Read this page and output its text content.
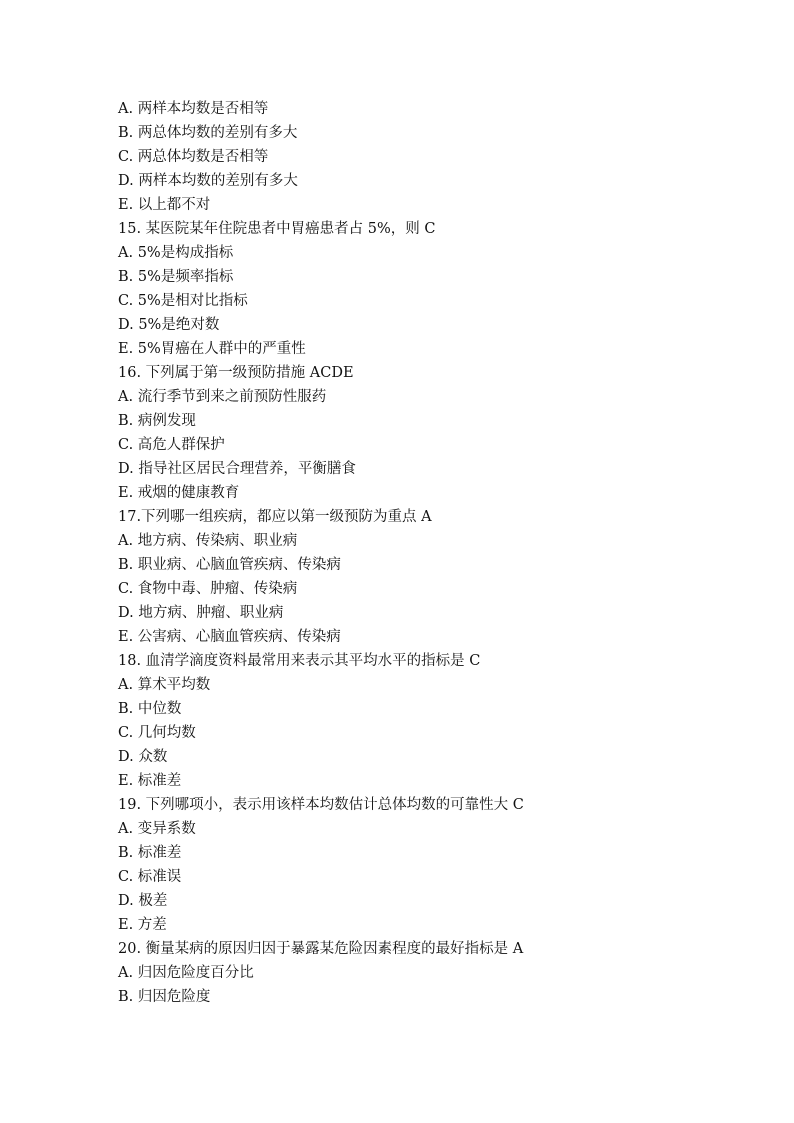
A. 两样本均数是否相等
B. 两总体均数的差别有多大
C. 两总体均数是否相等
D. 两样本均数的差别有多大
E. 以上都不对
15. 某医院某年住院患者中胃癌患者占 5%，则 C
A. 5%是构成指标
B. 5%是频率指标
C. 5%是相对比指标
D. 5%是绝对数
E. 5%胃癌在人群中的严重性
16. 下列属于第一级预防措施 ACDE
A. 流行季节到来之前预防性服药
B. 病例发现
C. 高危人群保护
D. 指导社区居民合理营养，平衡膳食
E. 戒烟的健康教育
17.下列哪一组疾病，都应以第一级预防为重点 A
A. 地方病、传染病、职业病
B. 职业病、心脑血管疾病、传染病
C. 食物中毒、肿瘤、传染病
D. 地方病、肿瘤、职业病
E. 公害病、心脑血管疾病、传染病
18. 血清学滴度资料最常用来表示其平均水平的指标是 C
A. 算术平均数
B. 中位数
C. 几何均数
D. 众数
E. 标准差
19. 下列哪项小，表示用该样本均数估计总体均数的可靠性大 C
A. 变异系数
B. 标准差
C. 标准误
D. 极差
E. 方差
20. 衡量某病的原因归因于暴露某危险因素程度的最好指标是 A
A. 归因危险度百分比
B. 归因危险度
